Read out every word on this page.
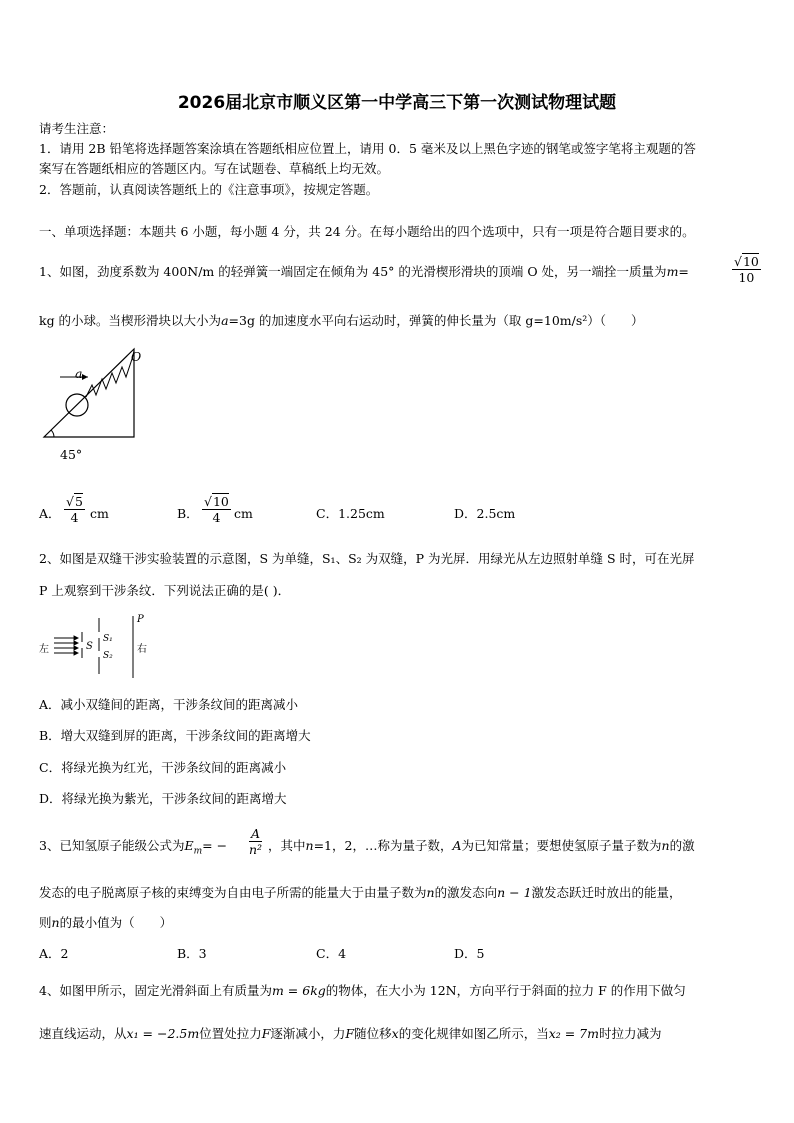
2026届北京市顺义区第一中学高三下第一次测试物理试题
请考生注意：
1．请用 2B 铅笔将选择题答案涂填在答题纸相应位置上，请用 0．5 毫米及以上黑色字迹的钢笔或签字笔将主观题的答
案写在答题纸相应的答题区内。写在试题卷、草稿纸上均无效。
2．答题前，认真阅读答题纸上的《注意事项》，按规定答题。
一、单项选择题：本题共 6 小题，每小题 4 分，共 24 分。在每小题给出的四个选项中，只有一项是符合题目要求的。
1、如图，劲度系数为 400N/m 的轻弹簧一端固定在倾角为 45° 的光滑楔形滑块的顶端 O 处，另一端拴一质量为m=	$\frac{√10}{10}$
kg 的小球。当楔形滑块以大小为a=3g 的加速度水平向右运动时，弹簧的伸长量为（取 g=10m/s²）（　　）
O
a
45°
A． $\frac{√5}{4}$ cm	B． $\frac{√10}{4}$ cm	C．1.25cm	D．2.5cm
2、如图是双缝干涉实验装置的示意图，S 为单缝，S₁、S₂ 为双缝，P 为光屏．用绿光从左边照射单缝 S 时，可在光屏
P 上观察到干涉条纹．下列说法正确的是( )．
左	S
S₁
S₂
P
右
A．减小双缝间的距离，干涉条纹间的距离减小
B．增大双缝到屏的距离，干涉条纹间的距离增大
C．将绿光换为红光，干涉条纹间的距离减小
D．将绿光换为紫光，干涉条纹间的距离增大
3、已知氢原子能级公式为$E_m= - \frac{A}{\text{n²}}$ ，其中n=1，2，…称为量子数，A为已知常量；要想使氢原子量子数为n的激
发态的电子脱离原子核的束缚变为自由电子所需的能量大于由量子数为n的激发态向n − 1激发态跃迁时放出的能量，
则n的最小值为（　　）
A．2	B．3	C．4	D．5
4、如图甲所示，固定光滑斜面上有质量为m = 6kg的物体，在大小为 12N，方向平行于斜面的拉力 F 的作用下做匀
速直线运动，从x₁ = −2.5m位置处拉力F逐渐减小，力F随位移x的变化规律如图乙所示，当x₂ = 7m时拉力减为
